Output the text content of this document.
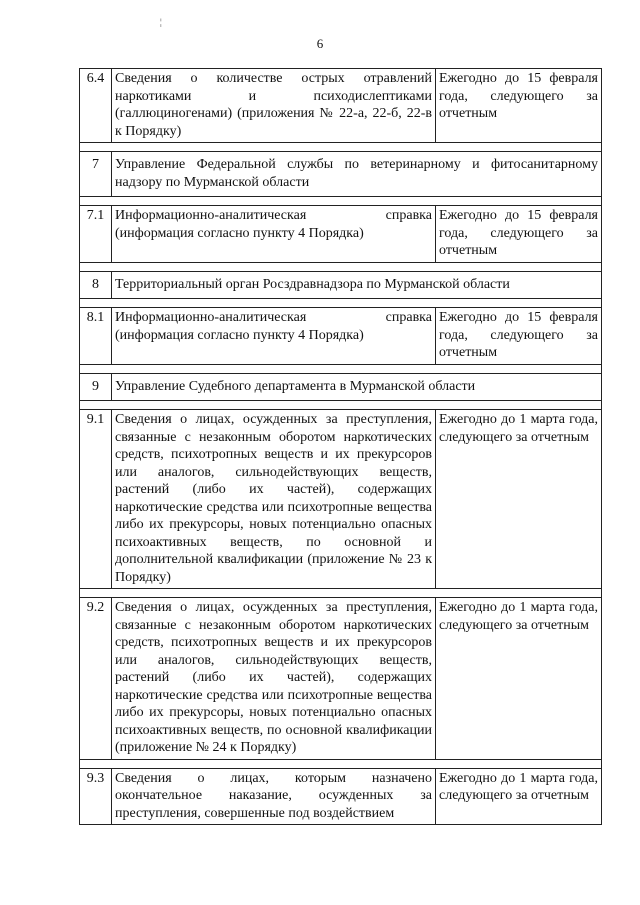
¦
6
6.4	Сведения о количестве острых отравлений наркотиками и психодислептиками (галлюциногенами) (приложения № 22-а, 22-б, 22-в к Порядку)	Ежегодно до 15 февраля года, следующего за отчетным

7	Управление Федеральной службы по ветеринарному и фитосанитарному надзору по Мурманской области	

7.1	Информационно-аналитическая справка (информация согласно пункту 4 Порядка)	Ежегодно до 15 февраля года, следующего за отчетным

8	Территориальный орган Росздравнадзора по Мурманской области	

8.1	Информационно-аналитическая справка (информация согласно пункту 4 Порядка)	Ежегодно до 15 февраля года, следующего за отчетным

9	Управление Судебного департамента в Мурманской области	

9.1	Сведения о лицах, осужденных за преступления, связанные с незаконным оборотом наркотических средств, психотропных веществ и их прекурсоров или аналогов, сильнодействующих веществ, растений (либо их частей), содержащих наркотические средства или психотропные вещества либо их прекурсоры, новых потенциально опасных психоактивных веществ, по основной и дополнительной квалификации (приложение № 23 к Порядку)	Ежегодно до 1 марта года, следующего за отчетным

9.2	Сведения о лицах, осужденных за преступления, связанные с незаконным оборотом наркотических средств, психотропных веществ и их прекурсоров или аналогов, сильнодействующих веществ, растений (либо их частей), содержащих наркотические средства или психотропные вещества либо их прекурсоры, новых потенциально опасных психоактивных веществ, по основной квалификации (приложение № 24 к Порядку)	Ежегодно до 1 марта года, следующего за отчетным

9.3	Сведения о лицах, которым назначено окончательное наказание, осужденных за преступления, совершенные под воздействием	Ежегодно до 1 марта года, следующего за отчетным
